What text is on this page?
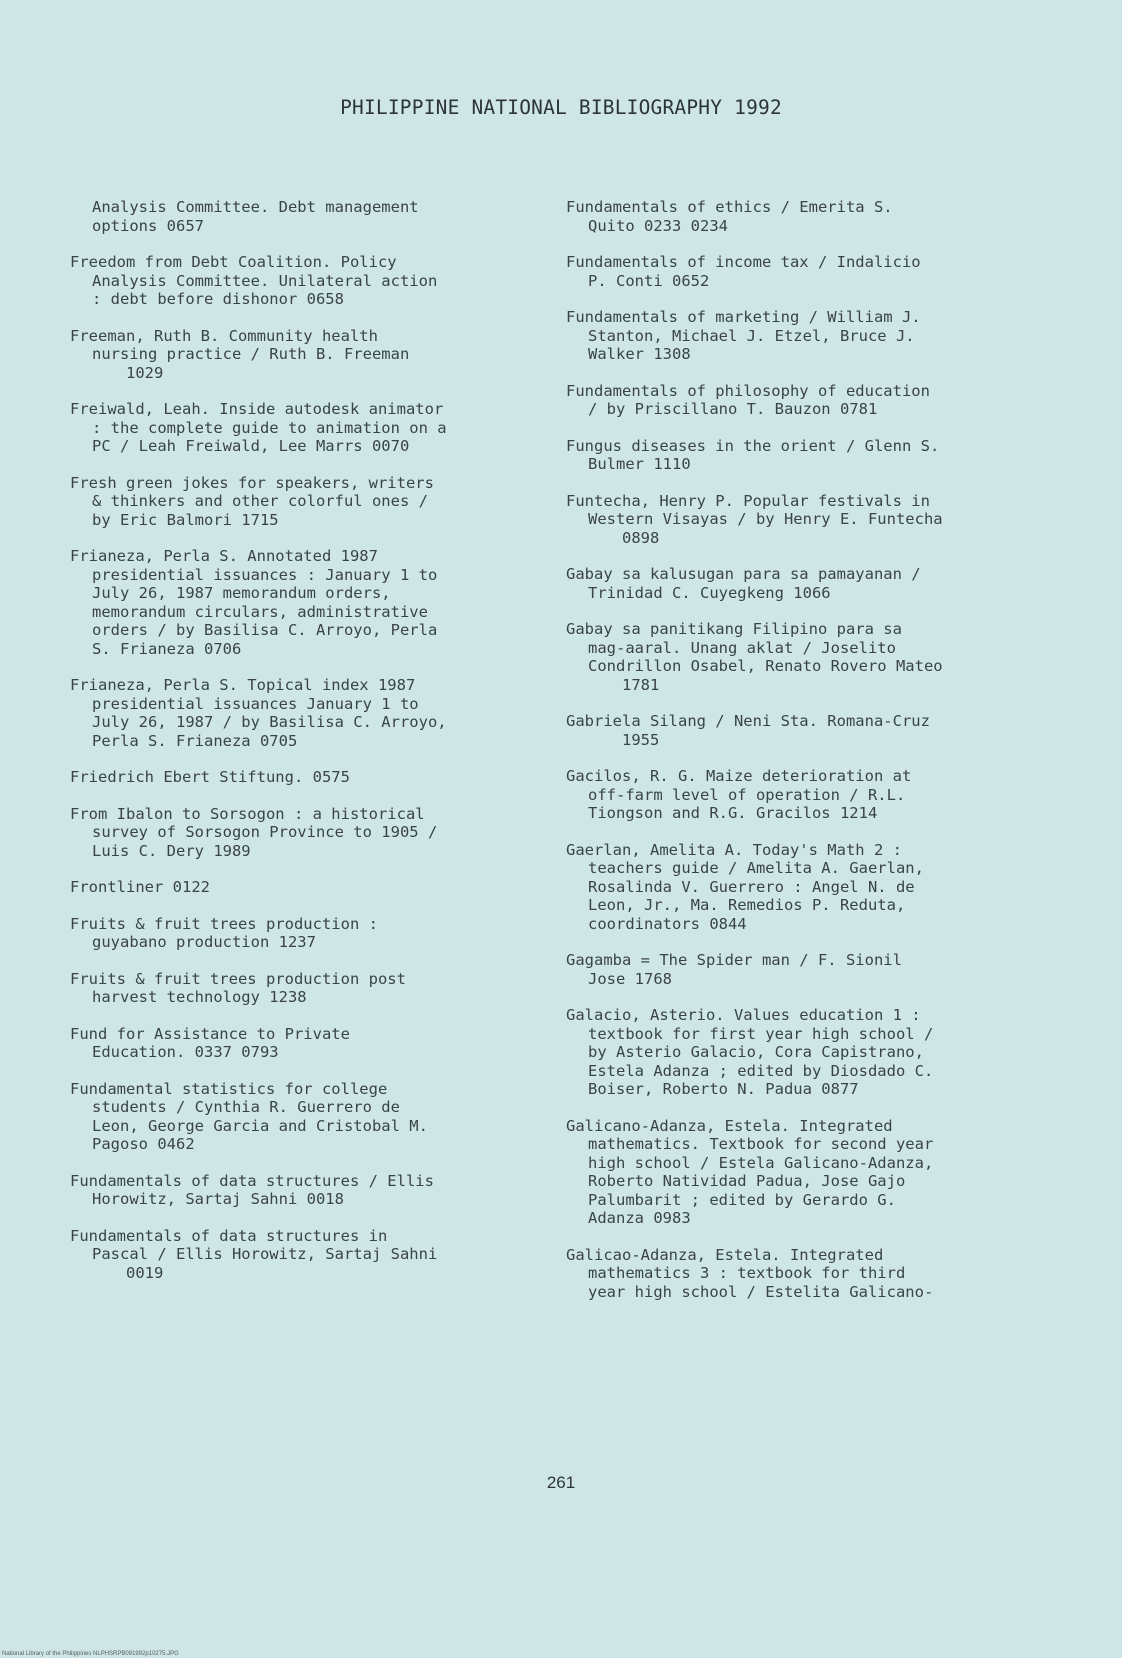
PHILIPPINE NATIONAL BIBLIOGRAPHY 1992
Analysis Committee. Debt management
options 0657
Freedom from Debt Coalition. Policy
Analysis Committee. Unilateral action
: debt before dishonor 0658
Freeman, Ruth B. Community health
nursing practice / Ruth B. Freeman
1029
Freiwald, Leah. Inside autodesk animator
: the complete guide to animation on a
PC / Leah Freiwald, Lee Marrs 0070
Fresh green jokes for speakers, writers
& thinkers and other colorful ones /
by Eric Balmori 1715
Frianeza, Perla S. Annotated 1987
presidential issuances : January 1 to
July 26, 1987 memorandum orders,
memorandum circulars, administrative
orders / by Basilisa C. Arroyo, Perla
S. Frianeza 0706
Frianeza, Perla S. Topical index 1987
presidential issuances January 1 to
July 26, 1987 / by Basilisa C. Arroyo,
Perla S. Frianeza 0705
Friedrich Ebert Stiftung. 0575
From Ibalon to Sorsogon : a historical
survey of Sorsogon Province to 1905 /
Luis C. Dery 1989
Frontliner 0122
Fruits & fruit trees production :
guyabano production 1237
Fruits & fruit trees production post
harvest technology 1238
Fund for Assistance to Private
Education. 0337 0793
Fundamental statistics for college
students / Cynthia R. Guerrero de
Leon, George Garcia and Cristobal M.
Pagoso 0462
Fundamentals of data structures / Ellis
Horowitz, Sartaj Sahni 0018
Fundamentals of data structures in
Pascal / Ellis Horowitz, Sartaj Sahni
0019
Fundamentals of ethics / Emerita S.
Quito 0233 0234
Fundamentals of income tax / Indalicio
P. Conti 0652
Fundamentals of marketing / William J.
Stanton, Michael J. Etzel, Bruce J.
Walker 1308
Fundamentals of philosophy of education
/ by Priscillano T. Bauzon 0781
Fungus diseases in the orient / Glenn S.
Bulmer 1110
Funtecha, Henry P. Popular festivals in
Western Visayas / by Henry E. Funtecha
0898
Gabay sa kalusugan para sa pamayanan /
Trinidad C. Cuyegkeng 1066
Gabay sa panitikang Filipino para sa
mag-aaral. Unang aklat / Joselito
Condrillon Osabel, Renato Rovero Mateo
1781
Gabriela Silang / Neni Sta. Romana-Cruz
1955
Gacilos, R. G. Maize deterioration at
off-farm level of operation / R.L.
Tiongson and R.G. Gracilos 1214
Gaerlan, Amelita A. Today's Math 2 :
teachers guide / Amelita A. Gaerlan,
Rosalinda V. Guerrero : Angel N. de
Leon, Jr., Ma. Remedios P. Reduta,
coordinators 0844
Gagamba = The Spider man / F. Sionil
Jose 1768
Galacio, Asterio. Values education 1 :
textbook for first year high school /
by Asterio Galacio, Cora Capistrano,
Estela Adanza ; edited by Diosdado C.
Boiser, Roberto N. Padua 0877
Galicano-Adanza, Estela. Integrated
mathematics. Textbook for second year
high school / Estela Galicano-Adanza,
Roberto Natividad Padua, Jose Gajo
Palumbarit ; edited by Gerardo G.
Adanza 0983
Galicao-Adanza, Estela. Integrated
mathematics 3 : textbook for third
year high school / Estelita Galicano-
261
National Library of the Philippines NLPHSRPB091992p10275.JPG
